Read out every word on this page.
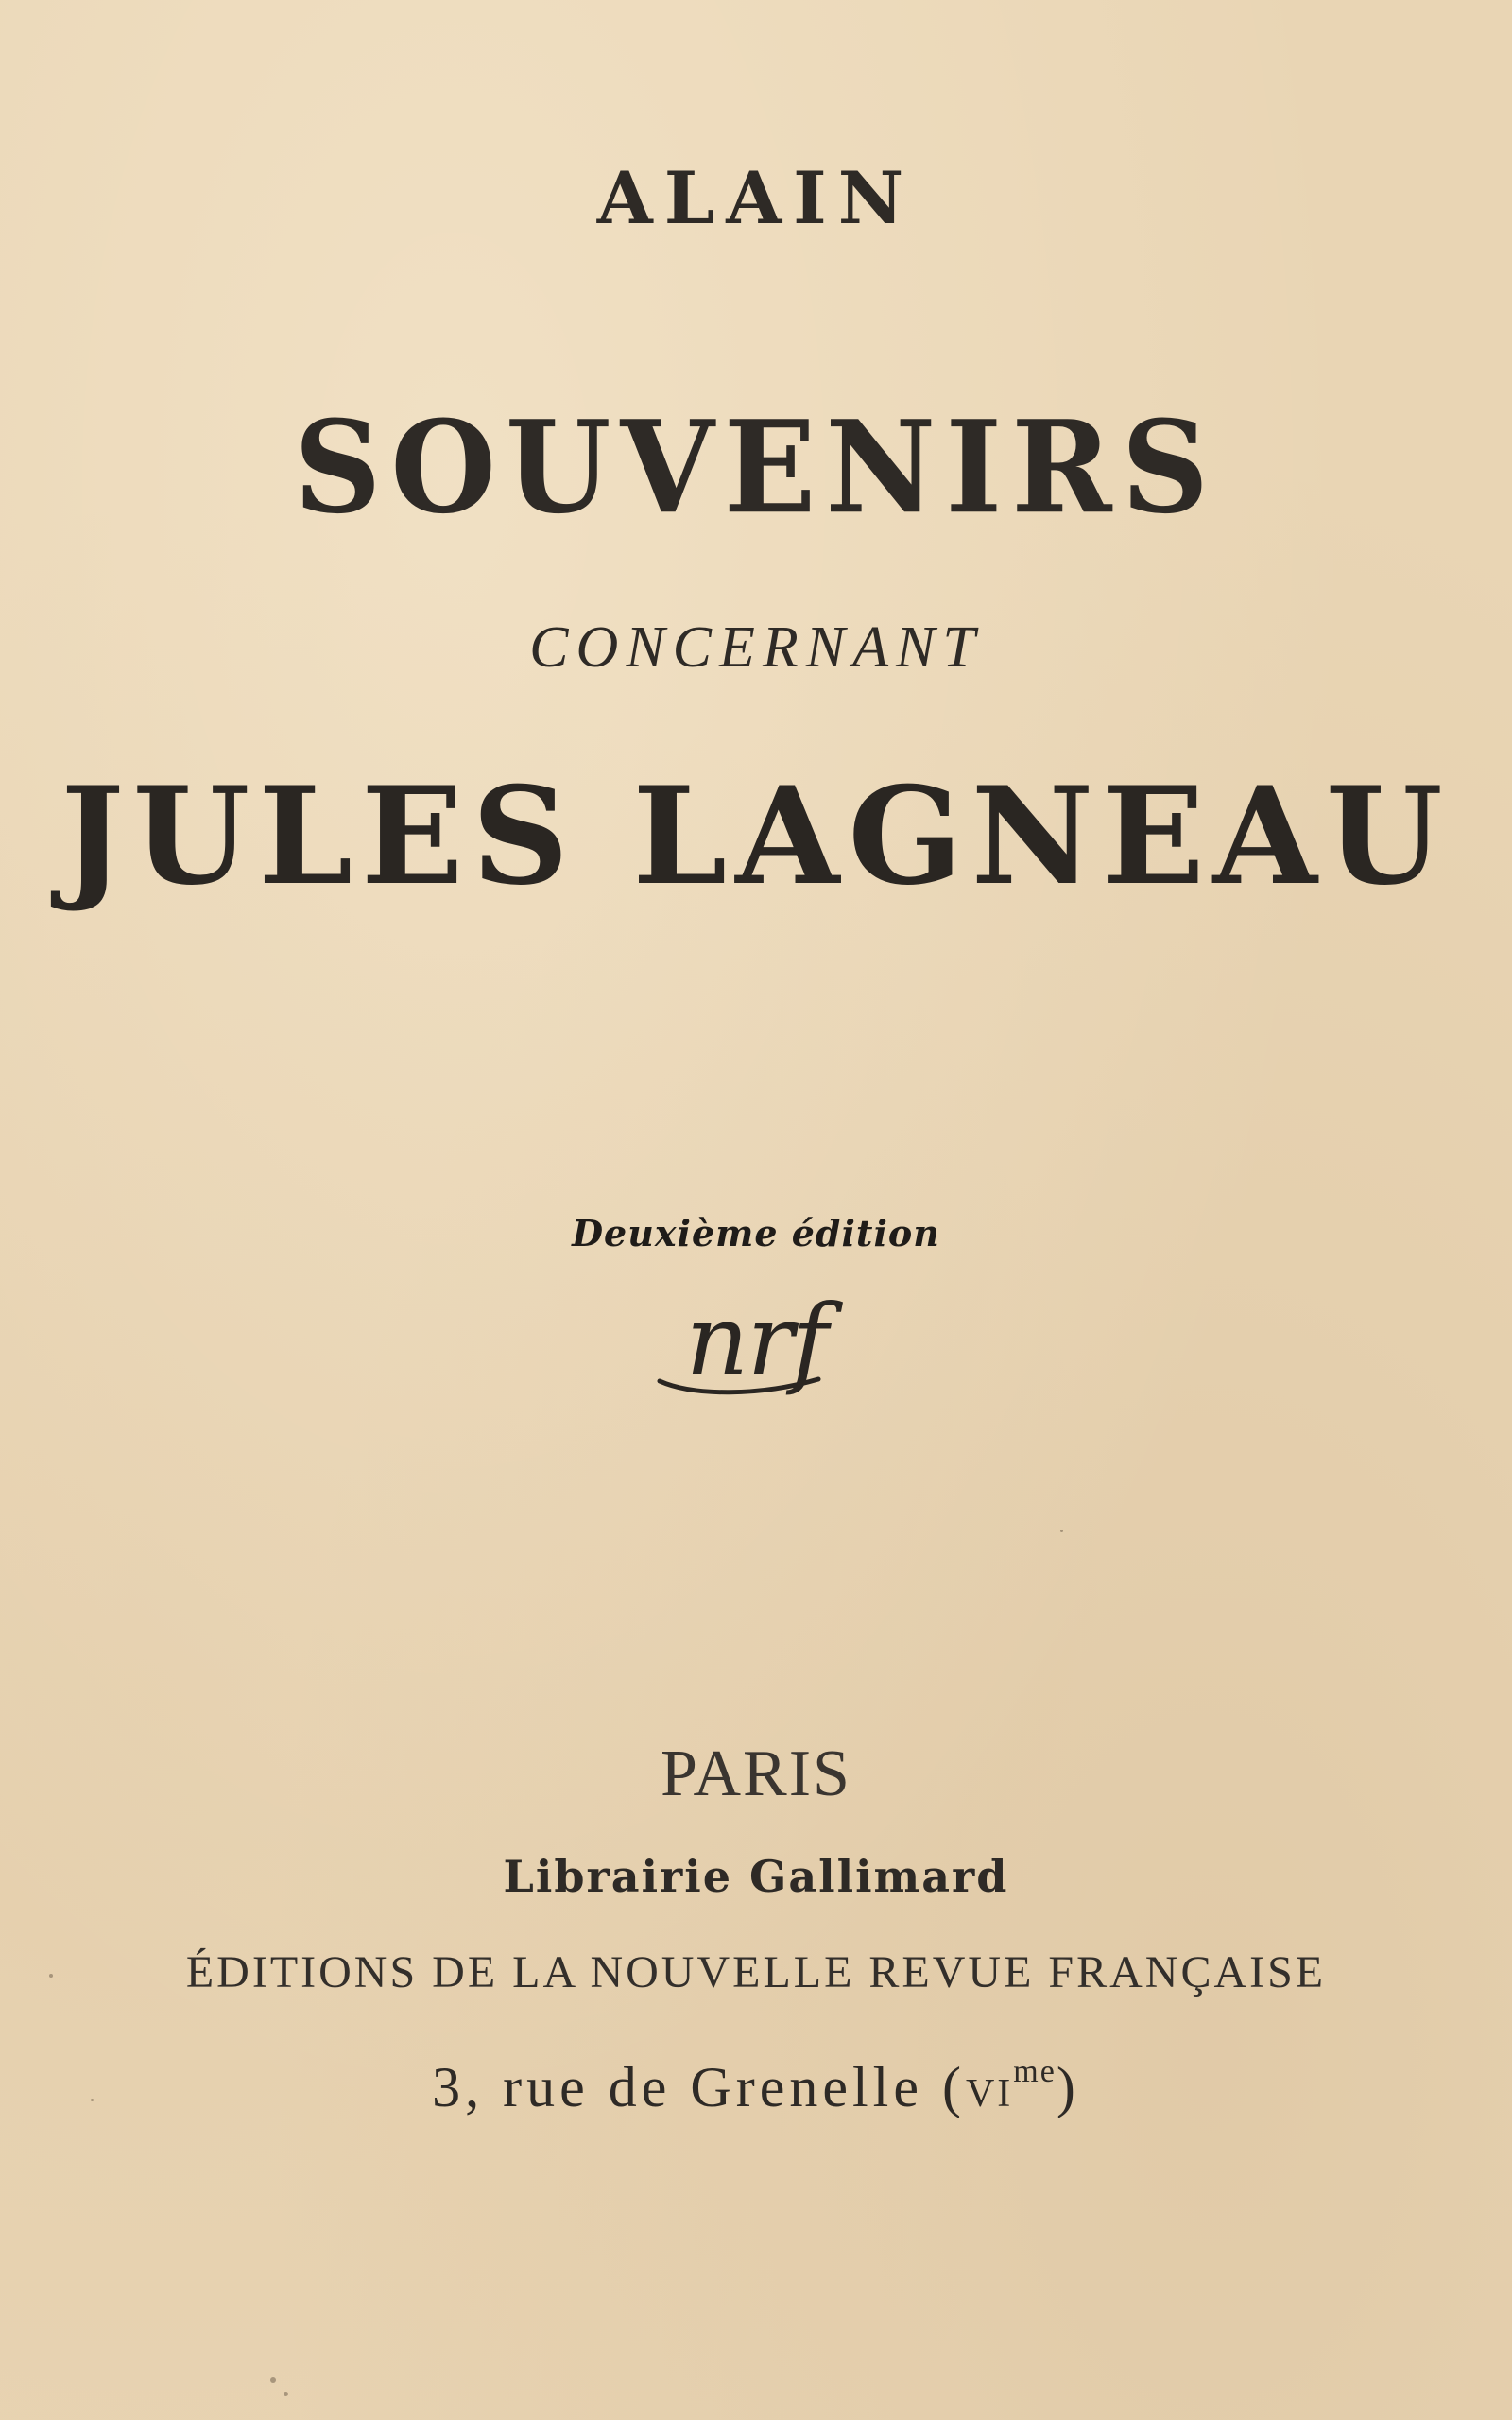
ALAIN

SOUVENIRS

CONCERNANT

JULES LAGNEAU

Deuxième édition

nrf

PARIS

Librairie Gallimard

ÉDITIONS DE LA NOUVELLE REVUE FRANÇAISE

3, rue de Grenelle $(VI^{me})$
